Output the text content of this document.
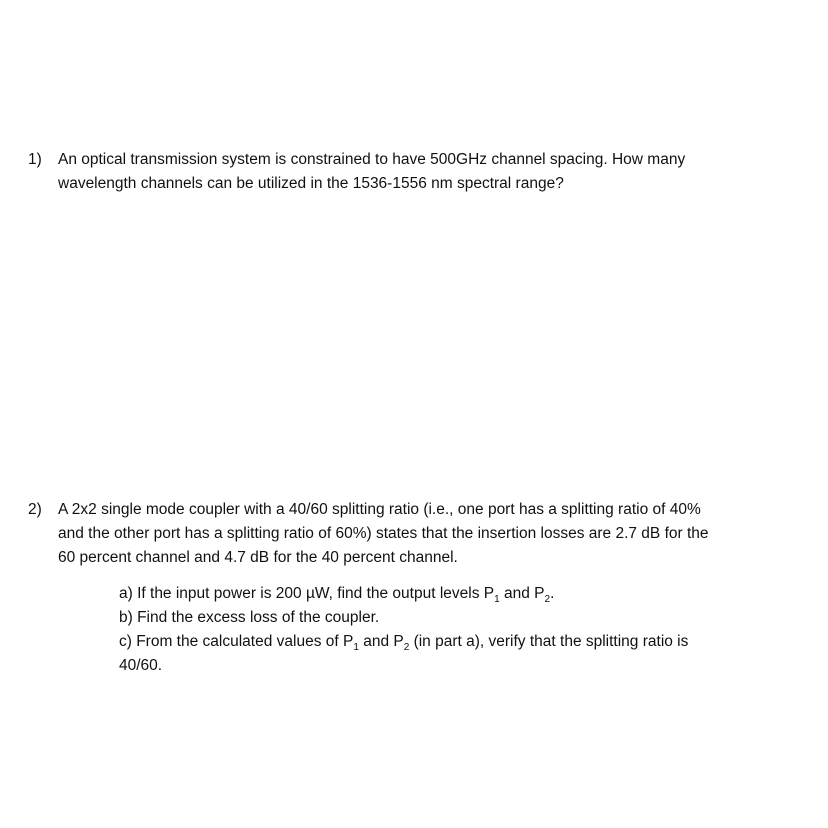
1)	An optical transmission system is constrained to have 500GHz channel spacing. How many
wavelength channels can be utilized in the 1536-1556 nm spectral range?
2)	A 2x2 single mode coupler with a 40/60 splitting ratio (i.e., one port has a splitting ratio of 40%
and the other port has a splitting ratio of 60%) states that the insertion losses are 2.7 dB for the
60 percent channel and 4.7 dB for the 40 percent channel.
a) If the input power is 200 µW, find the output levels $P_1$ and $P_2$.
b) Find the excess loss of the coupler.
c) From the calculated values of $P_1$ and $P_2$ (in part a), verify that the splitting ratio is
40/60.
